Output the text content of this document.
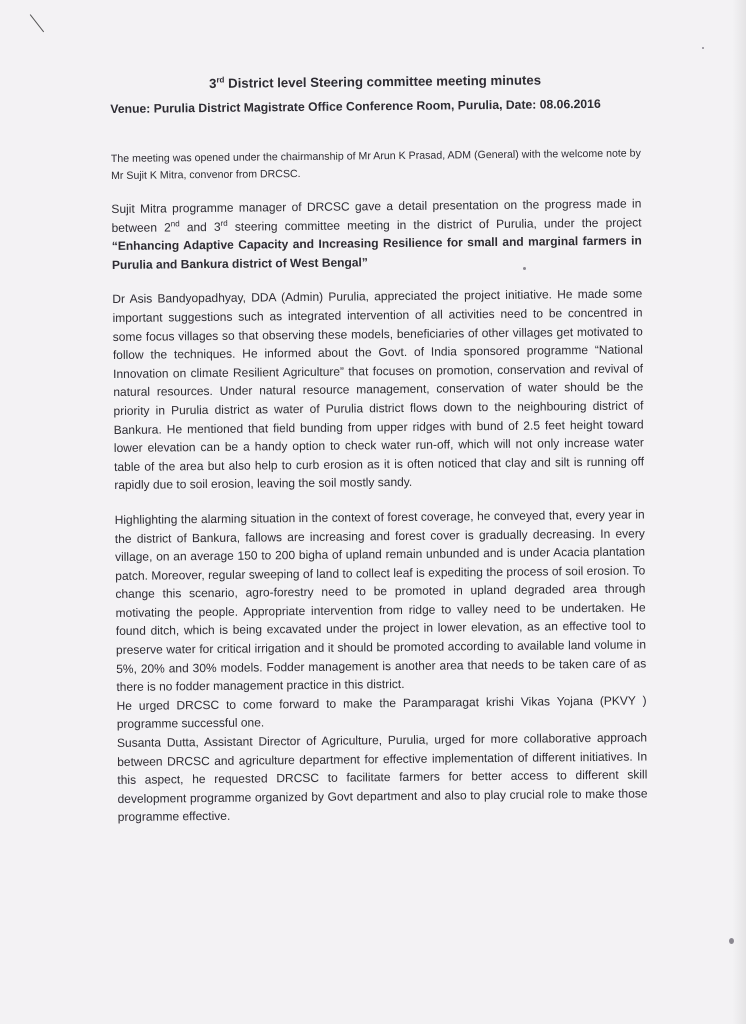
3rd District level Steering committee meeting minutes
Venue: Purulia District Magistrate Office Conference Room, Purulia, Date: 08.06.2016

The meeting was opened under the chairmanship of Mr Arun K Prasad, ADM (General) with the welcome note by Mr Sujit K Mitra, convenor from DRCSC.

Sujit Mitra programme manager of DRCSC gave a detail presentation on the progress made in between 2nd and 3rd steering committee meeting in the district of Purulia, under the project “Enhancing Adaptive Capacity and Increasing Resilience for small and marginal farmers in Purulia and Bankura district of West Bengal”

Dr Asis Bandyopadhyay, DDA (Admin) Purulia, appreciated the project initiative. He made some important suggestions such as integrated intervention of all activities need to be concentred in some focus villages so that observing these models, beneficiaries of other villages get motivated to follow the techniques. He informed about the Govt. of India sponsored programme “National Innovation on climate Resilient Agriculture” that focuses on promotion, conservation and revival of natural resources. Under natural resource management, conservation of water should be the priority in Purulia district as water of Purulia district flows down to the neighbouring district of Bankura. He mentioned that field bunding from upper ridges with bund of 2.5 feet height toward lower elevation can be a handy option to check water run-off, which will not only increase water table of the area but also help to curb erosion as it is often noticed that clay and silt is running off rapidly due to soil erosion, leaving the soil mostly sandy.

Highlighting the alarming situation in the context of forest coverage, he conveyed that, every year in the district of Bankura, fallows are increasing and forest cover is gradually decreasing. In every village, on an average 150 to 200 bigha of upland remain unbunded and is under Acacia plantation patch. Moreover, regular sweeping of land to collect leaf is expediting the process of soil erosion. To change this scenario, agro-forestry need to be promoted in upland degraded area through motivating the people. Appropriate intervention from ridge to valley need to be undertaken. He found ditch, which is being excavated under the project in lower elevation, as an effective tool to preserve water for critical irrigation and it should be promoted according to available land volume in 5%, 20% and 30% models. Fodder management is another area that needs to be taken care of as there is no fodder management practice in this district.

He urged DRCSC to come forward to make the Paramparagat krishi Vikas Yojana (PKVY ) programme successful one.

Susanta Dutta, Assistant Director of Agriculture, Purulia, urged for more collaborative approach between DRCSC and agriculture department for effective implementation of different initiatives. In this aspect, he requested DRCSC to facilitate farmers for better access to different skill development programme organized by Govt department and also to play crucial role to make those programme effective.
